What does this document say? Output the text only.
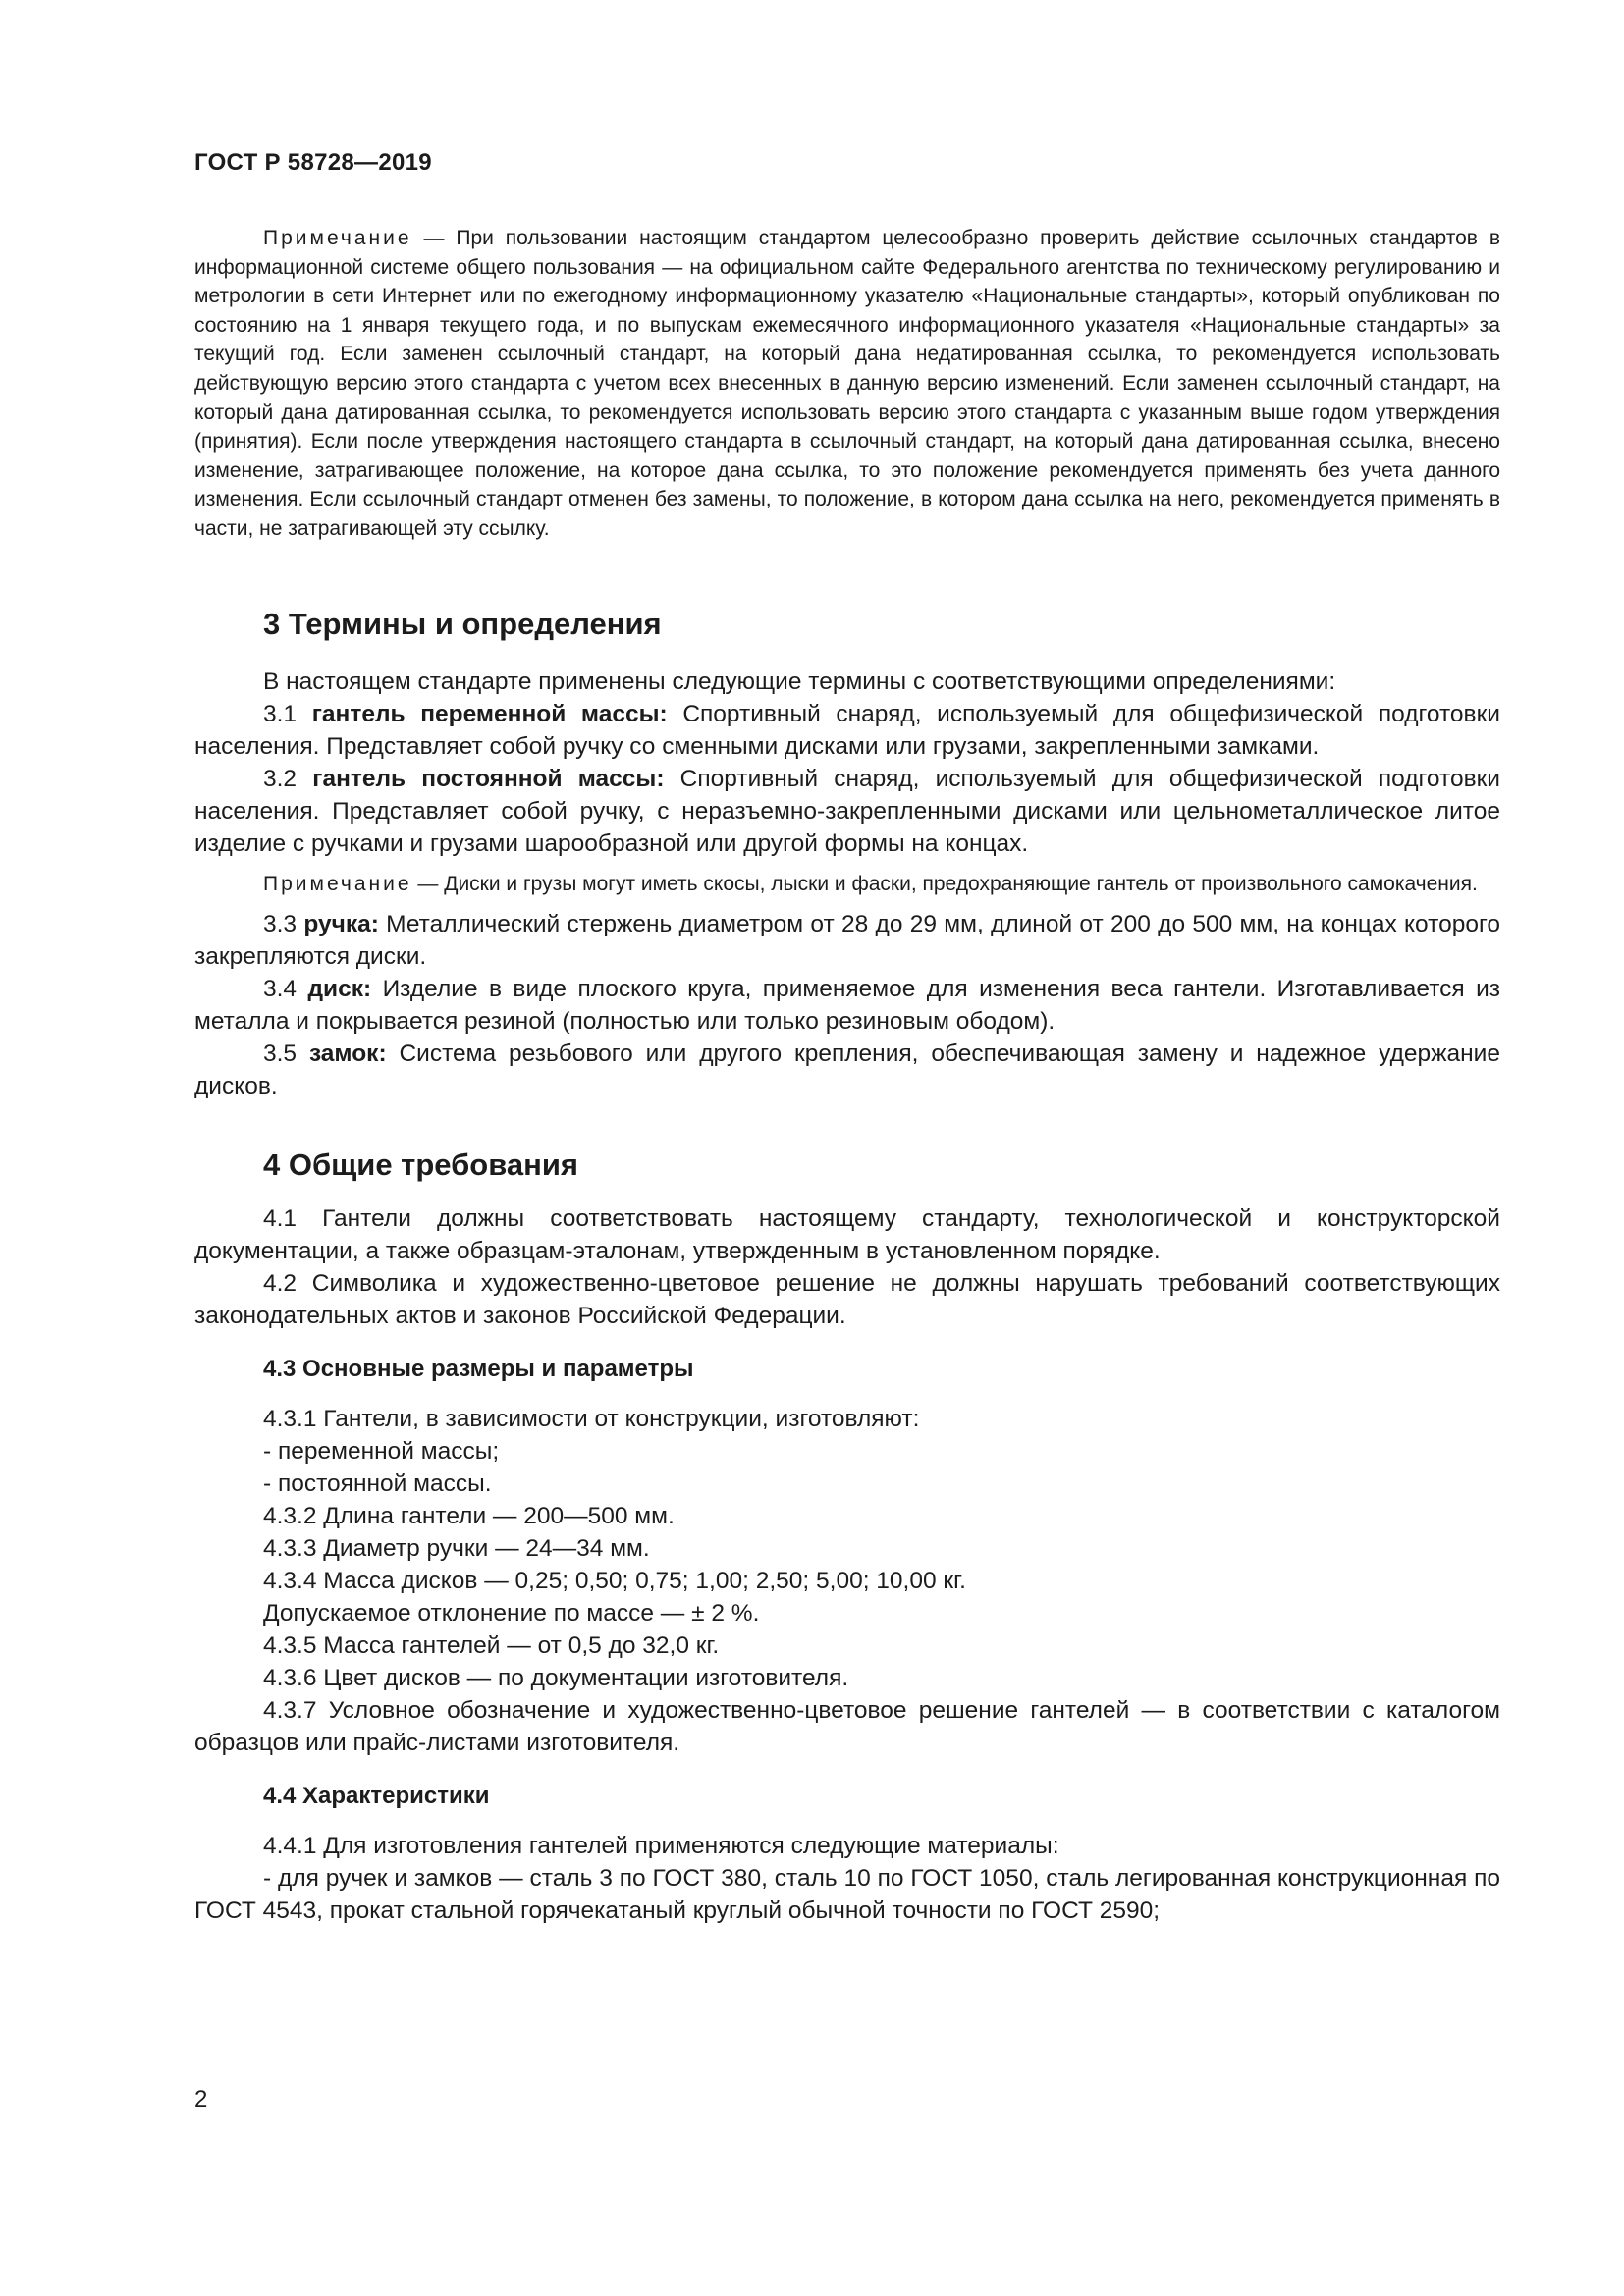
ГОСТ Р 58728—2019

Примечание — При пользовании настоящим стандартом целесообразно проверить действие ссылочных стандартов в информационной системе общего пользования — на официальном сайте Федерального агентства по техническому регулированию и метрологии в сети Интернет или по ежегодному информационному указателю «Национальные стандарты», который опубликован по состоянию на 1 января текущего года, и по выпускам ежемесячного информационного указателя «Национальные стандарты» за текущий год. Если заменен ссылочный стандарт, на который дана недатированная ссылка, то рекомендуется использовать действующую версию этого стандарта с учетом всех внесенных в данную версию изменений. Если заменен ссылочный стандарт, на который дана датированная ссылка, то рекомендуется использовать версию этого стандарта с указанным выше годом утверждения (принятия). Если после утверждения настоящего стандарта в ссылочный стандарт, на который дана датированная ссылка, внесено изменение, затрагивающее положение, на которое дана ссылка, то это положение рекомендуется применять без учета данного изменения. Если ссылочный стандарт отменен без замены, то положение, в котором дана ссылка на него, рекомендуется применять в части, не затрагивающей эту ссылку.

3 Термины и определения

В настоящем стандарте применены следующие термины с соответствующими определениями:

3.1 гантель переменной массы: Спортивный снаряд, используемый для общефизической подготовки населения. Представляет собой ручку со сменными дисками или грузами, закрепленными замками.

3.2 гантель постоянной массы: Спортивный снаряд, используемый для общефизической подготовки населения. Представляет собой ручку, с неразъемно-закрепленными дисками или цельнометаллическое литое изделие с ручками и грузами шарообразной или другой формы на концах.

Примечание — Диски и грузы могут иметь скосы, лыски и фаски, предохраняющие гантель от произвольного самокачения.

3.3 ручка: Металлический стержень диаметром от 28 до 29 мм, длиной от 200 до 500 мм, на концах которого закрепляются диски.

3.4 диск: Изделие в виде плоского круга, применяемое для изменения веса гантели. Изготавливается из металла и покрывается резиной (полностью или только резиновым ободом).

3.5 замок: Система резьбового или другого крепления, обеспечивающая замену и надежное удержание дисков.

4 Общие требования

4.1 Гантели должны соответствовать настоящему стандарту, технологической и конструкторской документации, а также образцам-эталонам, утвержденным в установленном порядке.

4.2 Символика и художественно-цветовое решение не должны нарушать требований соответствующих законодательных актов и законов Российской Федерации.

4.3 Основные размеры и параметры

4.3.1 Гантели, в зависимости от конструкции, изготовляют:

- переменной массы;

- постоянной массы.

4.3.2 Длина гантели — 200—500 мм.

4.3.3 Диаметр ручки — 24—34 мм.

4.3.4 Масса дисков — 0,25; 0,50; 0,75; 1,00; 2,50; 5,00; 10,00 кг.

Допускаемое отклонение по массе — ± 2 %.

4.3.5 Масса гантелей — от 0,5 до 32,0 кг.

4.3.6 Цвет дисков — по документации изготовителя.

4.3.7 Условное обозначение и художественно-цветовое решение гантелей — в соответствии с каталогом образцов или прайс-листами изготовителя.

4.4 Характеристики

4.4.1 Для изготовления гантелей применяются следующие материалы:

- для ручек и замков — сталь 3 по ГОСТ 380, сталь 10 по ГОСТ 1050, сталь легированная конструкционная по ГОСТ 4543, прокат стальной горячекатаный круглый обычной точности по ГОСТ 2590;

2
